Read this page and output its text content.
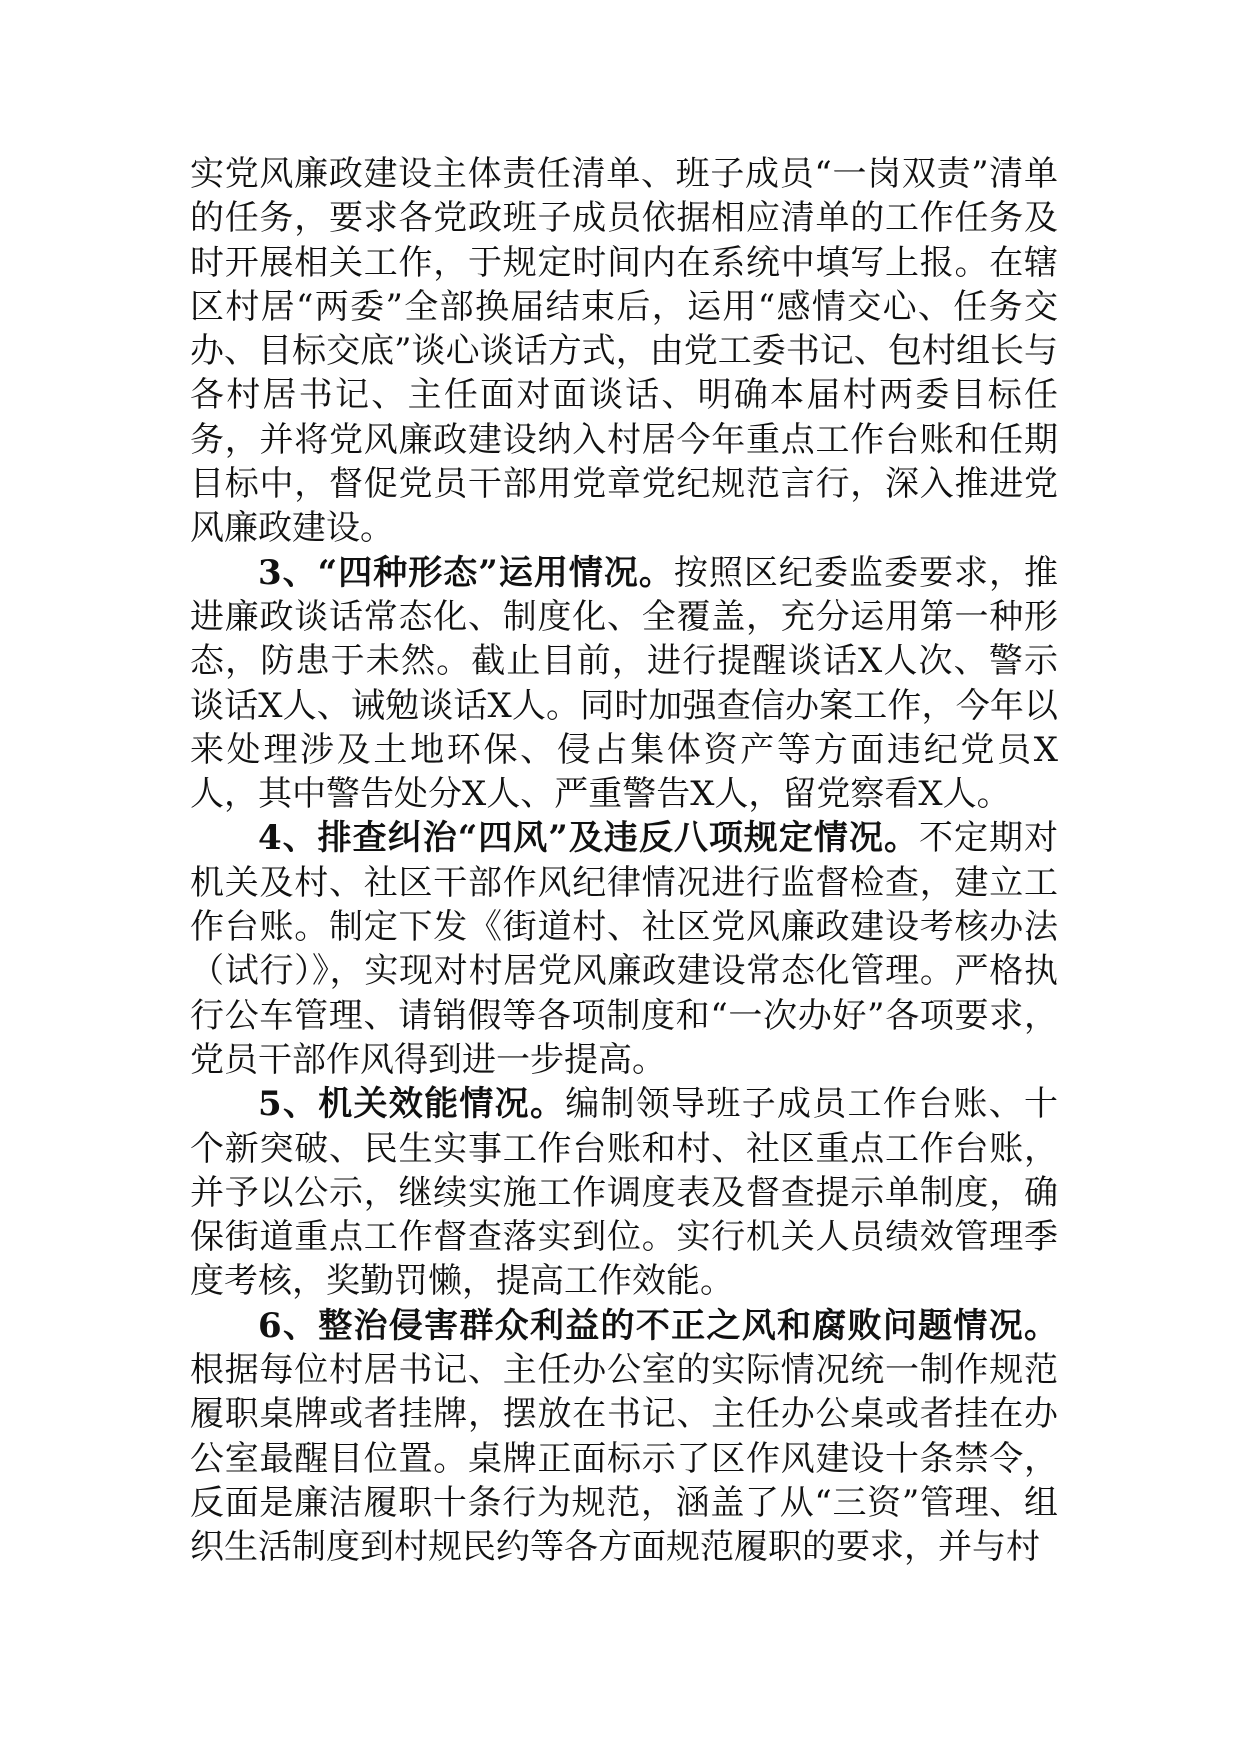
实党风廉政建设主体责任清单、班子成员“一岗双责”清单的任务，要求各党政班子成员依据相应清单的工作任务及时开展相关工作，于规定时间内在系统中填写上报。在辖区村居“两委”全部换届结束后，运用“感情交心、任务交办、目标交底”谈心谈话方式，由党工委书记、包村组长与各村居书记、主任面对面谈话、明确本届村两委目标任务，并将党风廉政建设纳入村居今年重点工作台账和任期目标中，督促党员干部用党章党纪规范言行，深入推进党风廉政建设。

3、“四种形态”运用情况。按照区纪委监委要求，推进廉政谈话常态化、制度化、全覆盖，充分运用第一种形态，防患于未然。截止目前，进行提醒谈话X人次、警示谈话X人、诫勉谈话X人。同时加强查信办案工作，今年以来处理涉及土地环保、侵占集体资产等方面违纪党员X人，其中警告处分X人、严重警告X人，留党察看X人。

4、排查纠治“四风”及违反八项规定情况。不定期对机关及村、社区干部作风纪律情况进行监督检查，建立工作台账。制定下发《街道村、社区党风廉政建设考核办法（试行）》，实现对村居党风廉政建设常态化管理。严格执行公车管理、请销假等各项制度和“一次办好”各项要求，党员干部作风得到进一步提高。

5、机关效能情况。编制领导班子成员工作台账、十个新突破、民生实事工作台账和村、社区重点工作台账，并予以公示，继续实施工作调度表及督查提示单制度，确保街道重点工作督查落实到位。实行机关人员绩效管理季度考核，奖勤罚懒，提高工作效能。

6、整治侵害群众利益的不正之风和腐败问题情况。根据每位村居书记、主任办公室的实际情况统一制作规范履职桌牌或者挂牌，摆放在书记、主任办公桌或者挂在办公室最醒目位置。桌牌正面标示了区作风建设十条禁令，反面是廉洁履职十条行为规范，涵盖了从“三资”管理、组织生活制度到村规民约等各方面规范履职的要求，并与村
